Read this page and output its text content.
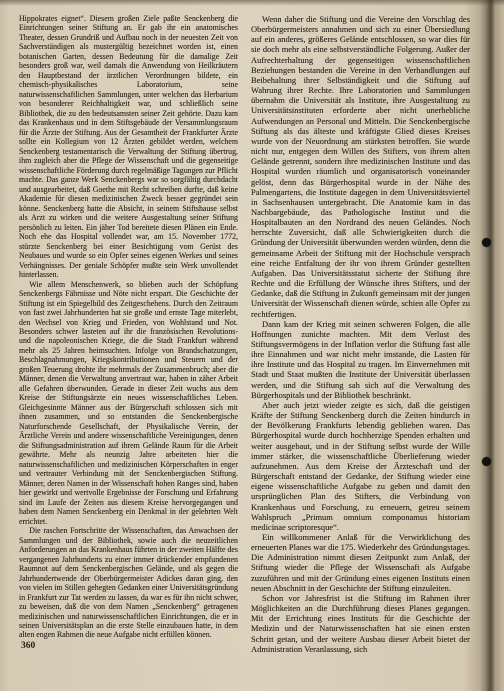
Hippokrates eignet“. Diesem großen Ziele paßte Senckenberg die Einrichtungen seiner Stiftung an. Er gab ihr ein anatomisches Theater, dessen Grundriß und Aufbau noch in der neuesten Zeit von Sachverständigen als mustergültig bezeichnet worden ist, einen botanischen Garten, dessen Bedeutung für die damalige Zeit besonders groß war, weil damals die Anwendung von Heilkräutern den Hauptbestand der ärztlichen Verordnungen bildete, ein chemisch-physikalisches Laboratorium, seine naturwissenschaftlichen Sammlungen, unter welchen das Herbarium von besonderer Reichhaltigkeit war, und schließlich seine Bibliothek, die zu den bedeutsamsten seiner Zeit gehörte. Dazu kam das Krankenhaus und in dem Stiftsgebäude der Versammlungsraum für die Ärzte der Stiftung. Aus der Gesamtheit der Frankfurter Ärzte sollte ein Kollegium von 12 Ärzten gebildet werden, welchem Senckenberg testamentarisch die Verwaltung der Stiftung übertrug, ihm zugleich aber die Pflege der Wissenschaft und die gegenseitige wissenschaftliche Förderung durch regelmäßige Tagungen zur Pflicht machte. Das ganze Werk Senckenbergs war so sorgfältig durchdacht und ausgearbeitet, daß Goethe mit Recht schreiben durfte, daß keine Akademie für diesen medizinischen Zweck besser gegründet sein könne. Senckenberg hatte die Absicht, in seinem Stiftshause selbst als Arzt zu wirken und die weitere Ausgestaltung seiner Stiftung persönlich zu leiten. Ein jäher Tod bereitete diesen Plänen ein Ende. Noch ehe das Hospital vollendet war, am 15. November 1772, stürzte Senckenberg bei einer Besichtigung vom Gerüst des Neubaues und wurde so ein Opfer seines eigenen Werkes und seines Verhängnisses. Der geniale Schöpfer mußte sein Werk unvollendet hinterlassen.

Wie allem Menschenwerk, so blieben auch der Schöpfung Senckenbergs Fährnisse und Nöte nicht erspart. Die Geschichte der Stiftung ist ein Spiegelbild des Zeitgeschehens. Durch den Zeitraum von fast zwei Jahrhunderten hat sie große und ernste Tage miterlebt, den Wechsel von Krieg und Frieden, von Wohlstand und Not. Besonders schwer lasteten auf ihr die französischen Revolutions- und die napoleonischen Kriege, die die Stadt Frankfurt während mehr als 25 Jahren heimsuchten. Infolge von Brandschatzungen, Beschlagnahmungen, Kriegskontributionen und Steuern und der großen Teuerung drohte ihr mehrmals der Zusammenbruch; aber die Männer, denen die Verwaltung anvertraut war, haben in zäher Arbeit alle Gefahren überwunden. Gerade in dieser Zeit wuchs aus dem Kreise der Stiftungsärzte ein neues wissenschaftliches Leben. Gleichgesinnte Männer aus der Bürgerschaft schlossen sich mit ihnen zusammen, und so entstanden die Senckenbergische Naturforschende Gesellschaft, der Physikalische Verein, der Ärztliche Verein und andere wissenschaftliche Vereinigungen, denen die Stiftungsadministration auf ihrem Gelände Raum für die Arbeit gewährte. Mehr als neunzig Jahre arbeiteten hier die naturwissenschaftlichen und medizinischen Körperschaften in enger und vertrauter Verbindung mit der Senckenbergischen Stiftung. Männer, deren Namen in der Wissenschaft hohen Ranges sind, haben hier gewirkt und wertvolle Ergebnisse der Forschung und Erfahrung sind im Laufe der Zeiten aus diesem Kreise hervorgegangen und haben dem Namen Senckenberg ein Denkmal in der gelehrten Welt errichtet.

Die raschen Fortschritte der Wissenschaften, das Anwachsen der Sammlungen und der Bibliothek, sowie auch die neuzeitlichen Anforderungen an das Krankenhaus führten in der zweiten Hälfte des vergangenen Jahrhunderts zu einer immer drückender empfundenen Raumnot auf dem Senckenbergischen Gelände, und als gegen die Jahrhundertwende der Oberbürgermeister Adickes daran ging, den von vielen im Stillen gehegten Gedanken einer Universitätsgründung in Frankfurt zur Tat werden zu lassen, da war es für ihn nicht schwer, zu beweisen, daß die von dem Namen „Senckenberg“ getragenen medizinischen und naturwissenschaftlichen Einrichtungen, die er in seinen Universitätsplan an die erste Stelle einzubauen hatte, in dem alten engen Rahmen die neue Aufgabe nicht erfüllen können.

Wenn daher die Stiftung und die Vereine den Vorschlag des Oberbürgermeisters annahmen und sich zu einer Übersiedlung auf ein anderes, größeres Gelände entschlossen, so war dies für sie doch mehr als eine selbstverständliche Folgerung. Außer der Aufrechterhaltung der gegenseitigen wissenschaftlichen Beziehungen bestanden die Vereine in den Verhandlungen auf Beibehaltung ihrer Selbständigkeit und die Stiftung auf Wahrung ihrer Rechte. Ihre Laboratorien und Sammlungen übernahm die Universität als Institute, ihre Ausgestaltung zu Universitätsinstituten erforderte aber nicht unerhebliche Aufwendungen an Personal und Mitteln. Die Senckenbergische Stiftung als das älteste und kräftigste Glied dieses Kreises wurde von der Neuordnung am stärksten betroffen. Sie wurde nicht nur, entgegen dem Willen des Stifters, von ihrem alten Gelände getrennt, sondern ihre medizinischen Institute und das Hospital wurden räumlich und organisatorisch voneinander gelöst, denn das Bürgerhospital wurde in der Nähe des Palmengartens, die Institute dagegen in dem Universitätsviertel in Sachsenhausen untergebracht. Die Anatomie kam in das Nachbargebäude, das Pathologische Institut und die Hospitalbauten an den Nordrand des neuen Geländes. Noch herrschte Zuversicht, daß alle Schwierigkeiten durch die Gründung der Universität überwunden werden würden, denn die gemeinsame Arbeit der Stiftung mit der Hochschule versprach eine reiche Entfaltung der ihr von ihrem Gründer gestellten Aufgaben. Das Universitätsstatut sicherte der Stiftung ihre Rechte und die Erfüllung der Wünsche ihres Stifters, und der Gedanke, daß die Stiftung in Zukunft gemeinsam mit der jungen Universität der Wissenschaft dienen würde, schien alle Opfer zu rechtfertigen.

Dann kam der Krieg mit seinen schweren Folgen, die alle Hoffnungen zunichte machten. Mit dem Verlust des Stiftungsvermögens in der Inflation verlor die Stiftung fast alle ihre Einnahmen und war nicht mehr imstande, die Lasten für ihre Institute und das Hospital zu tragen. Im Einvernehmen mit Stadt und Staat mußten die Institute der Universität überlassen werden, und die Stiftung sah sich auf die Verwaltung des Bürgerhospitals und der Bibliothek beschränkt.

Aber auch jetzt wieder zeigte es sich, daß die geistigen Kräfte der Stiftung Senckenberg durch die Zeiten hindurch in der Bevölkerung Frankfurts lebendig geblieben waren. Das Bürgerhospital wurde durch hochherzige Spenden erhalten und weiter ausgebaut, und in der Stiftung selbst wurde der Wille immer stärker, die wissenschaftliche Überlieferung wieder aufzunehmen. Aus dem Kreise der Ärzteschaft und der Bürgerschaft entstand der Gedanke, der Stiftung wieder eine eigene wissenschaftliche Aufgabe zu geben und damit den ursprünglichen Plan des Stifters, die Verbindung von Krankenhaus und Forschung, zu erneuern, getreu seinem Wahlspruch „Primum omnium componamus historiam medicinae scriptoresque“.

Ein willkommener Anlaß für die Verwirklichung des erneuerten Planes war die 175. Wiederkehr des Gründungstages. Die Administration nimmt diesen Zeitpunkt zum Anlaß, der Stiftung wieder die Pflege der Wissenschaft als Aufgabe zuzuführen und mit der Gründung eines eigenen Instituts einen neuen Abschnitt in der Geschichte der Stiftung einzuleiten.

Schon vor Jahresfrist ist die Stiftung im Rahmen ihrer Möglichkeiten an die Durchführung dieses Planes gegangen. Mit der Errichtung eines Instituts für die Geschichte der Medizin und der Naturwissenschaften hat sie einen ersten Schritt getan, und der weitere Ausbau dieser Arbeit bietet der Administration Veranlassung, sich

360
